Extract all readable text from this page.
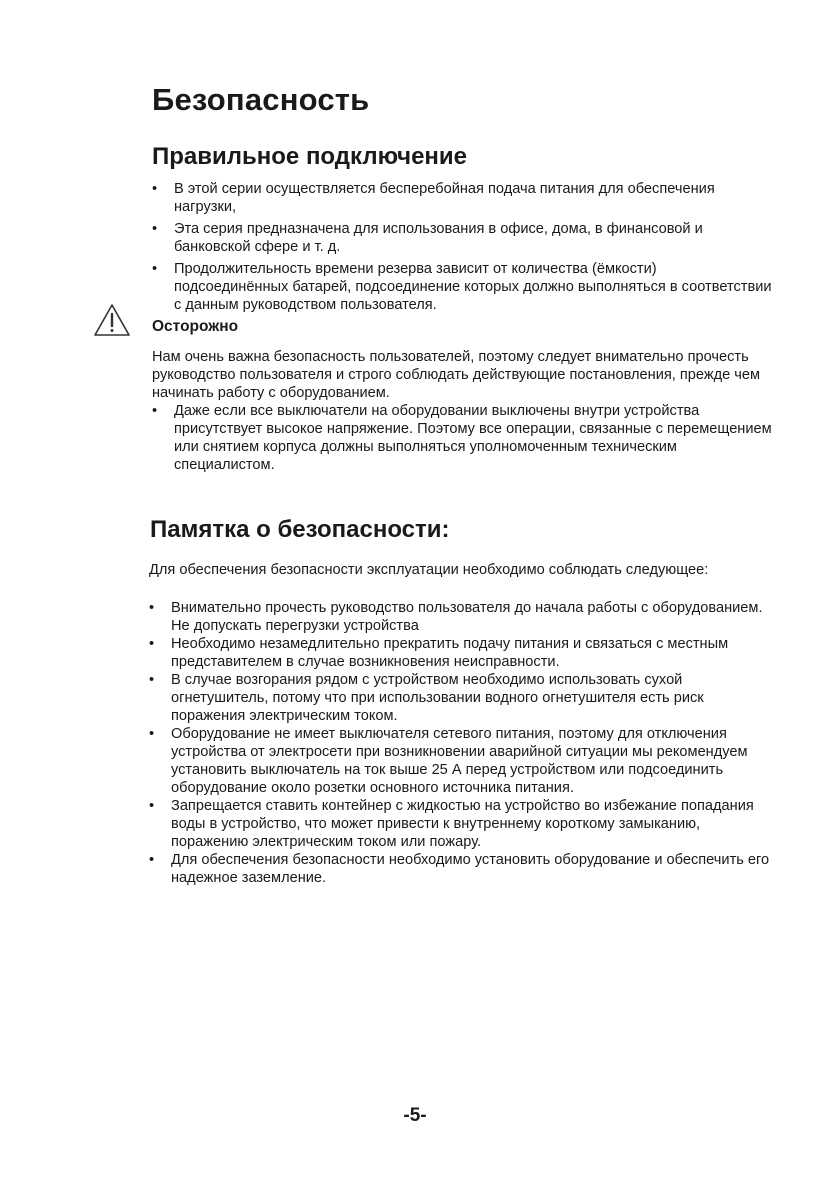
Безопасность
Правильное подключение
• В этой серии осуществляется бесперебойная подача питания для обеспечения нагрузки,
• Эта серия предназначена для использования в офисе, дома, в финансовой и банковской сфере и т. д.
• Продолжительность времени резерва зависит от количества (ёмкости) подсоединённых батарей, подсоединение которых должно выполняться в соответствии с данным руководством пользователя.
Осторожно

Нам очень важна безопасность пользователей, поэтому следует внимательно прочесть руководство пользователя и строго соблюдать действующие постановления, прежде чем начинать работу с оборудованием.

• Даже если все выключатели на оборудовании выключены внутри устройства присутствует высокое напряжение. Поэтому все операции, связанные с перемещением или снятием корпуса должны выполняться уполномоченным техническим специалистом.
Памятка о безопасности:

Для обеспечения безопасности эксплуатации необходимо соблюдать следующее:

• Внимательно прочесть руководство пользователя до начала работы с оборудованием. Не допускать перегрузки устройства
• Необходимо незамедлительно прекратить подачу питания и связаться с местным представителем в случае возникновения неисправности.
• В случае возгорания рядом с устройством необходимо использовать сухой огнетушитель, потому что при использовании водного огнетушителя есть риск поражения электрическим током.
• Оборудование не имеет выключателя сетевого питания, поэтому для отключения устройства от электросети при возникновении аварийной ситуации мы рекомендуем установить выключатель на ток выше 25 А перед устройством или подсоединить оборудование около розетки основного источника питания.
• Запрещается ставить контейнер с жидкостью на устройство во избежание попадания воды в устройство, что может привести к внутреннему короткому замыканию, поражению электрическим током или пожару.
• Для обеспечения безопасности необходимо установить оборудование и обеспечить его надежное заземление.

-5-
